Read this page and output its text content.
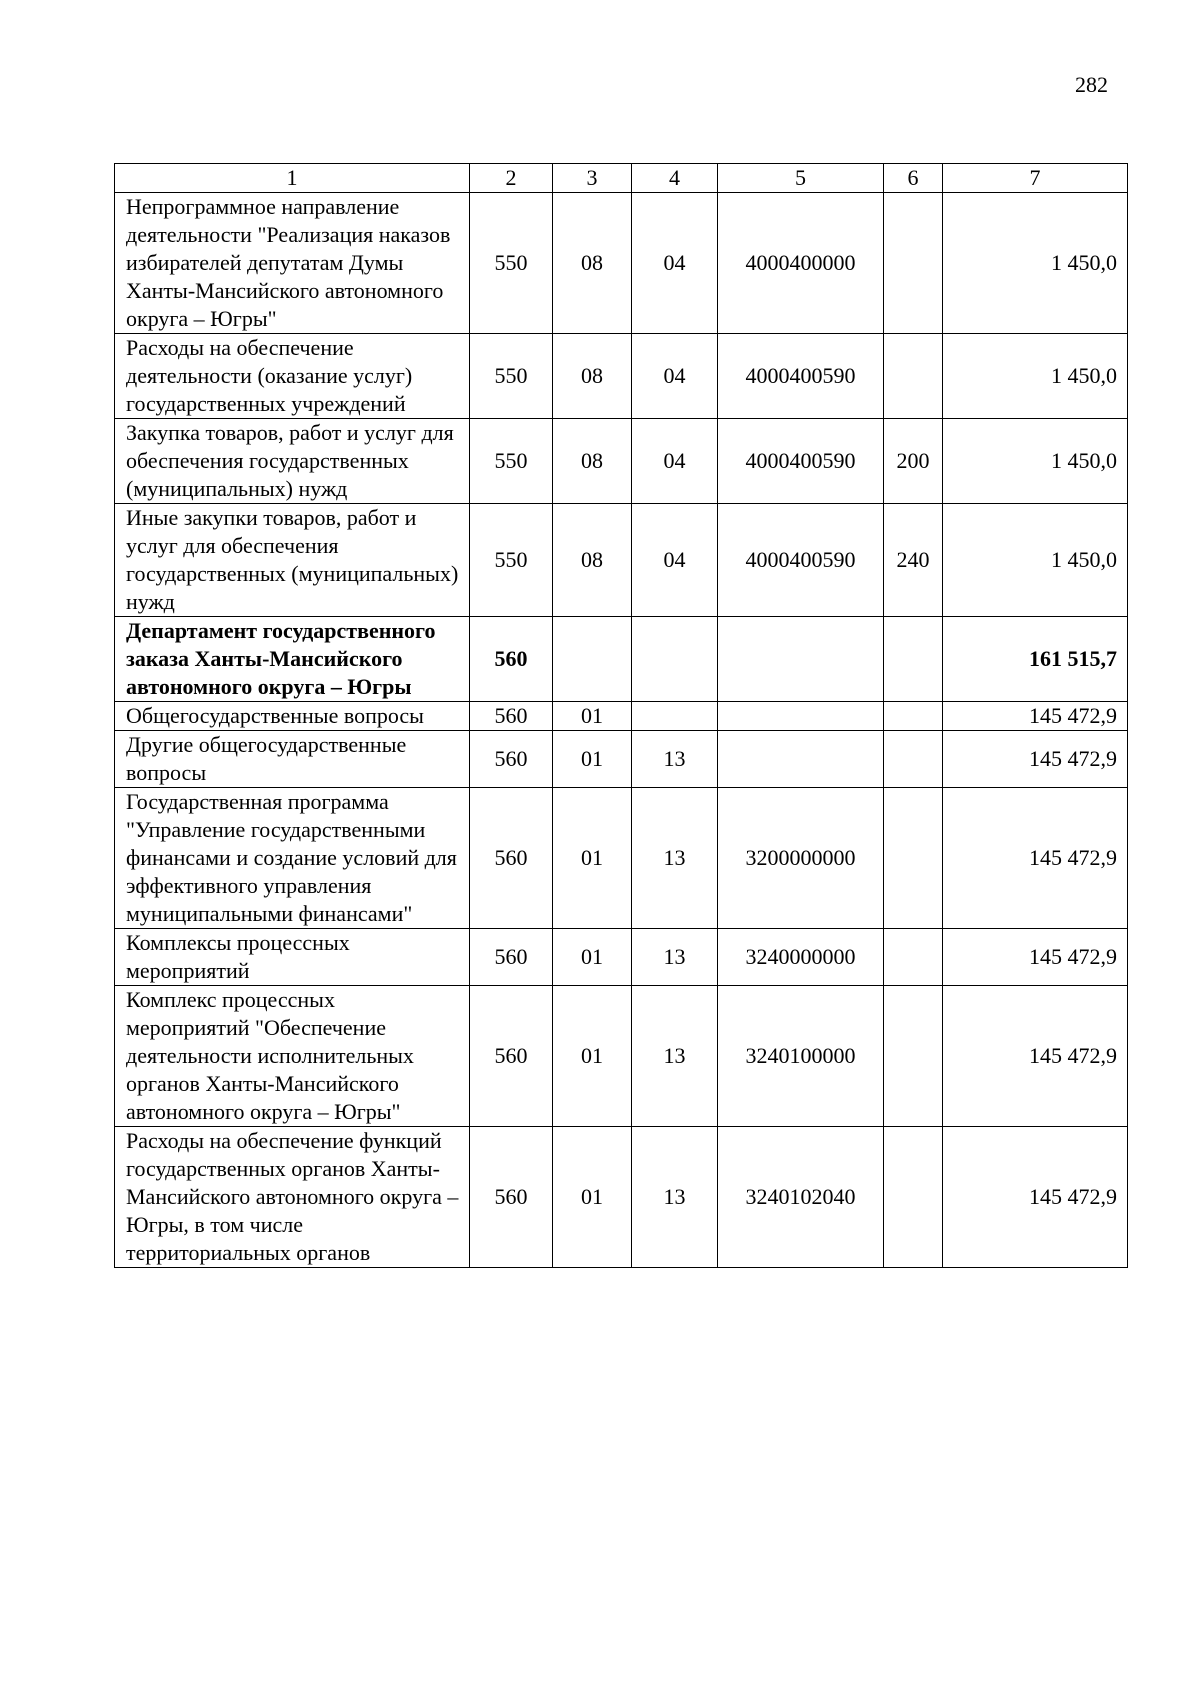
282
1	2	3	4	5	6	7
Непрограммное направление деятельности "Реализация наказов избирателей депутатам Думы Ханты-Мансийского автономного округа – Югры"	550	08	04	4000400000		1 450,0
Расходы на обеспечение деятельности (оказание услуг) государственных учреждений	550	08	04	4000400590		1 450,0
Закупка товаров, работ и услуг для обеспечения государственных (муниципальных) нужд	550	08	04	4000400590	200	1 450,0
Иные закупки товаров, работ и услуг для обеспечения государственных (муниципальных) нужд	550	08	04	4000400590	240	1 450,0
Департамент государственного заказа Ханты-Мансийского автономного округа – Югры	560					161 515,7
Общегосударственные вопросы	560	01				145 472,9
Другие общегосударственные вопросы	560	01	13			145 472,9
Государственная программа "Управление государственными финансами и создание условий для эффективного управления муниципальными финансами"	560	01	13	3200000000		145 472,9
Комплексы процессных мероприятий	560	01	13	3240000000		145 472,9
Комплекс процессных мероприятий "Обеспечение деятельности исполнительных органов Ханты-Мансийского автономного округа – Югры"	560	01	13	3240100000		145 472,9
Расходы на обеспечение функций государственных органов Ханты-Мансийского автономного округа – Югры, в том числе территориальных органов	560	01	13	3240102040		145 472,9
